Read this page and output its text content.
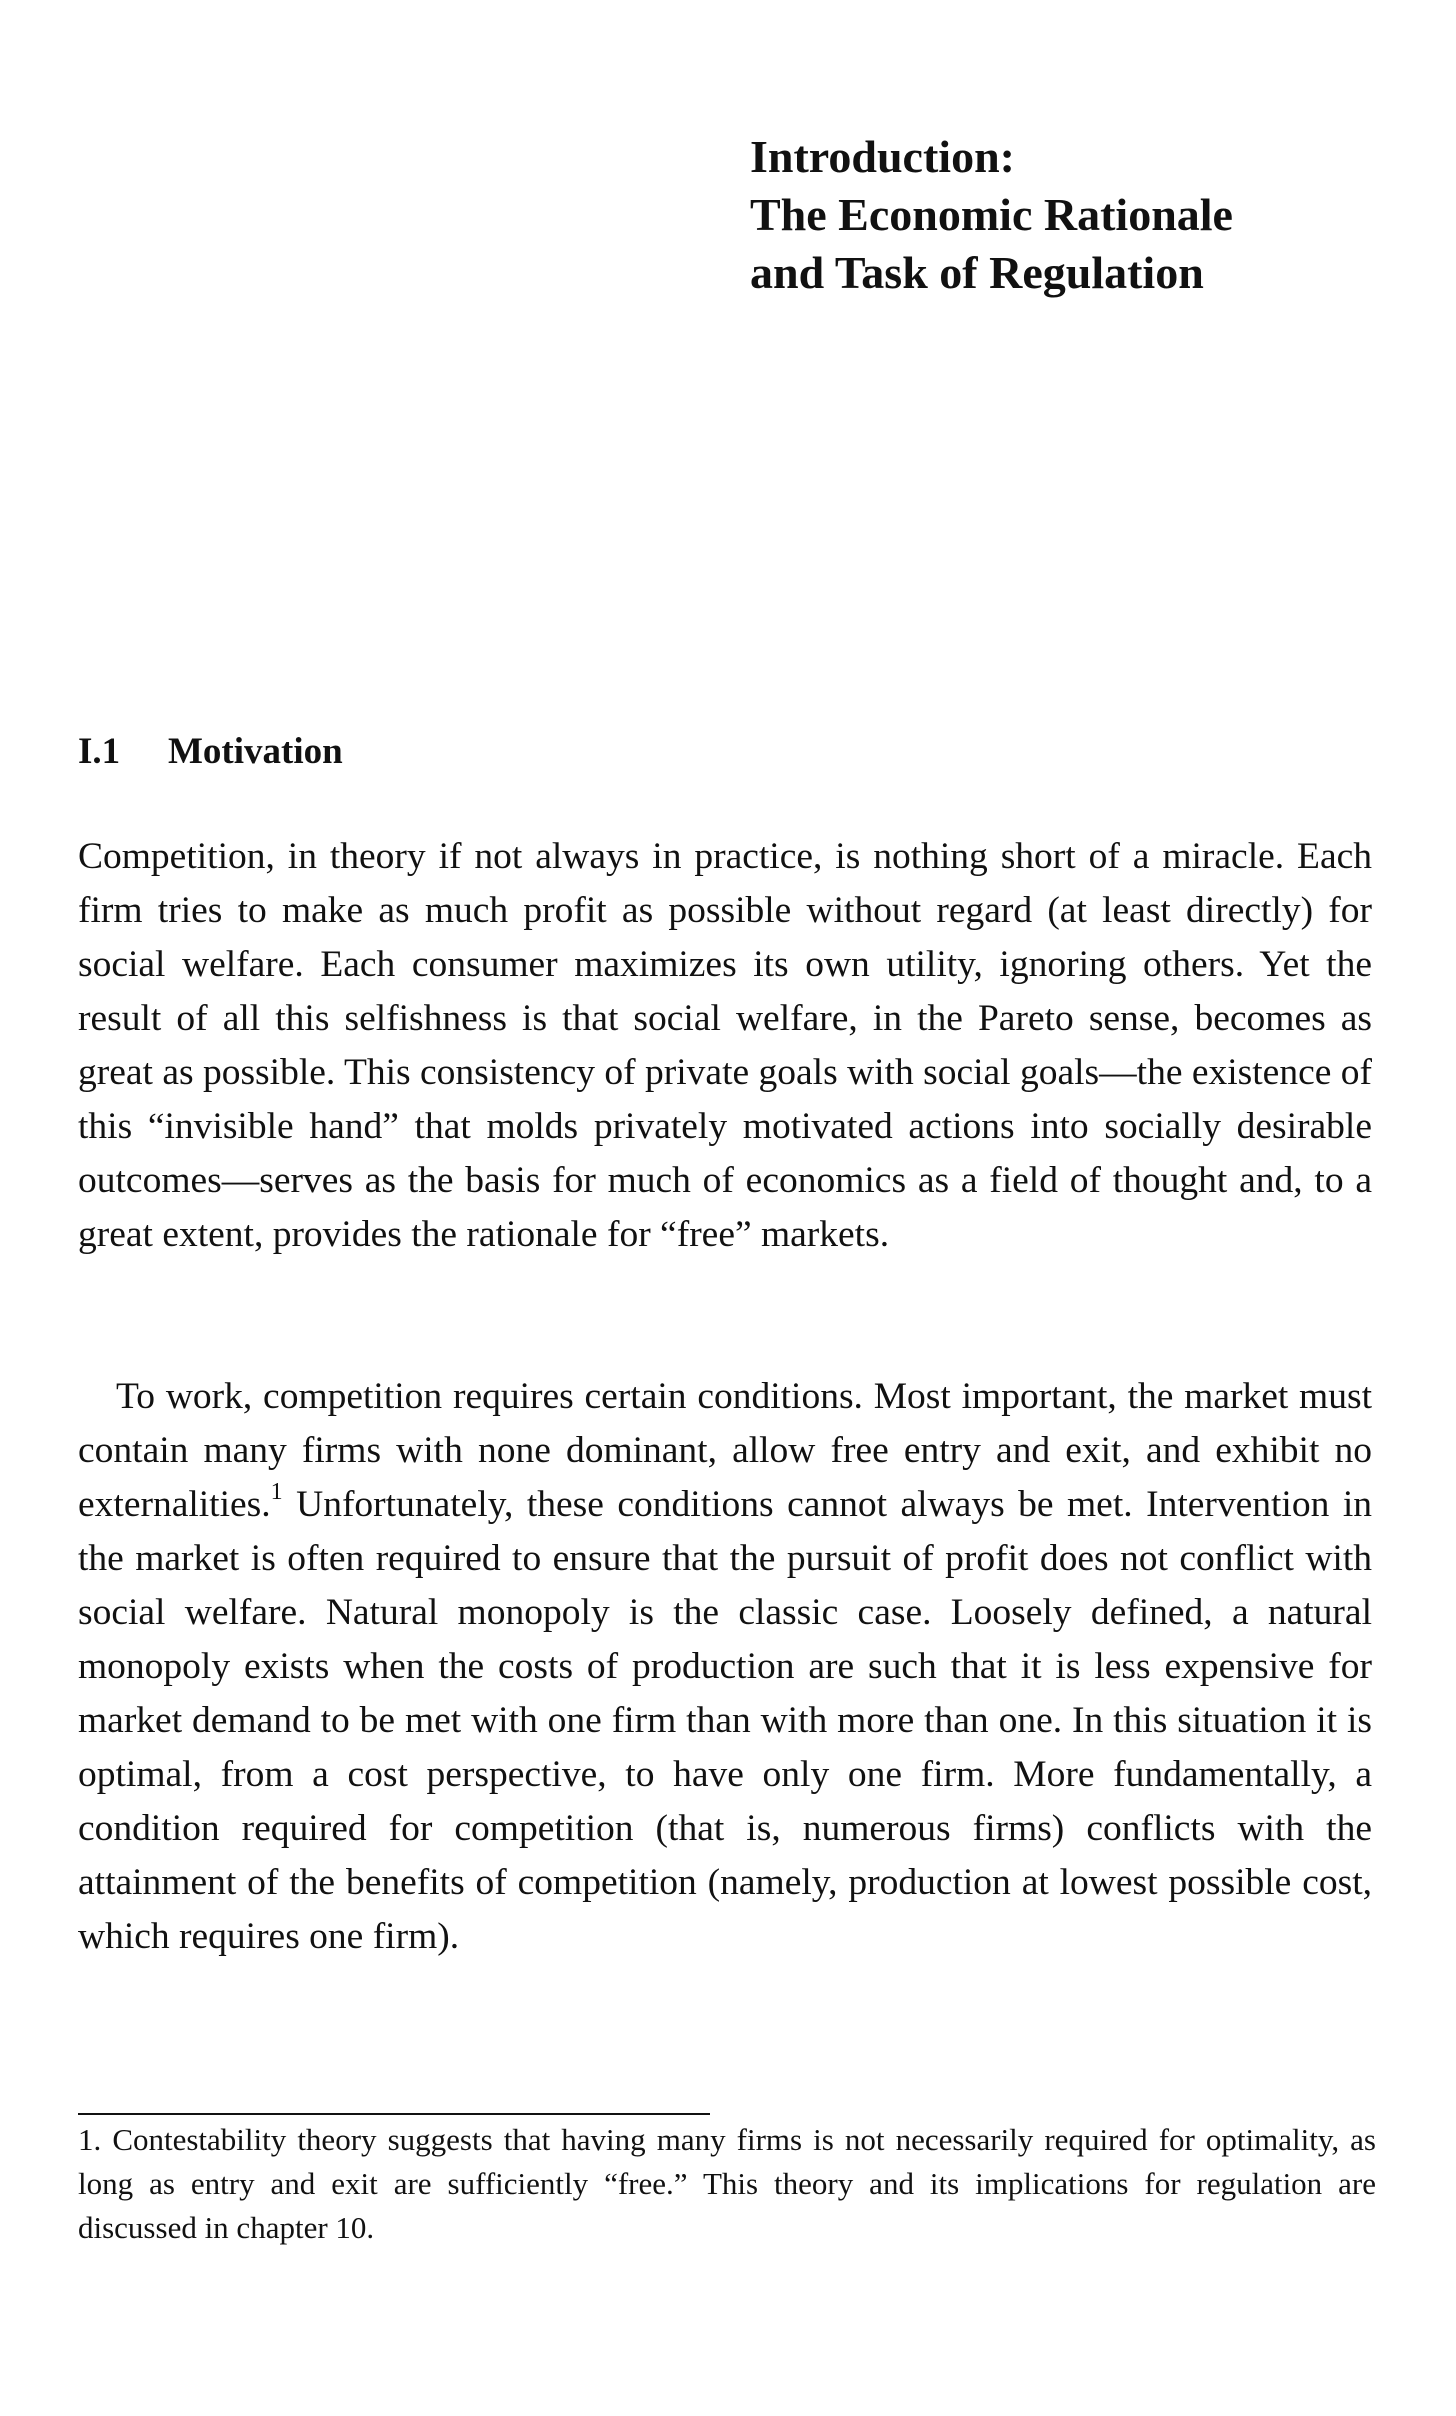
Introduction:
The Economic Rationale
and Task of Regulation
I.1 Motivation

Competition, in theory if not always in practice, is nothing short of a miracle. Each firm tries to make as much profit as possible without regard (at least directly) for social welfare. Each consumer maximizes its own utility, ignoring others. Yet the result of all this selfishness is that social welfare, in the Pareto sense, becomes as great as possible. This consistency of private goals with social goals—the existence of this “invisible hand” that molds privately motivated actions into socially desirable outcomes—serves as the basis for much of economics as a field of thought and, to a great extent, provides the rationale for “free” markets.

To work, competition requires certain conditions. Most important, the market must contain many firms with none dominant, allow free entry and exit, and exhibit no externalities.$^1$ Unfortunately, these conditions cannot always be met. Intervention in the market is often required to ensure that the pursuit of profit does not conflict with social welfare. Natural monopoly is the classic case. Loosely defined, a natural monopoly exists when the costs of production are such that it is less expensive for market demand to be met with one firm than with more than one. In this situation it is optimal, from a cost perspective, to have only one firm. More fundamentally, a condition required for competition (that is, numerous firms) conflicts with the attainment of the benefits of competition (namely, production at lowest possible cost, which requires one firm).

1. Contestability theory suggests that having many firms is not necessarily required for optimality, as long as entry and exit are sufficiently “free.” This theory and its implications for regulation are discussed in chapter 10.
